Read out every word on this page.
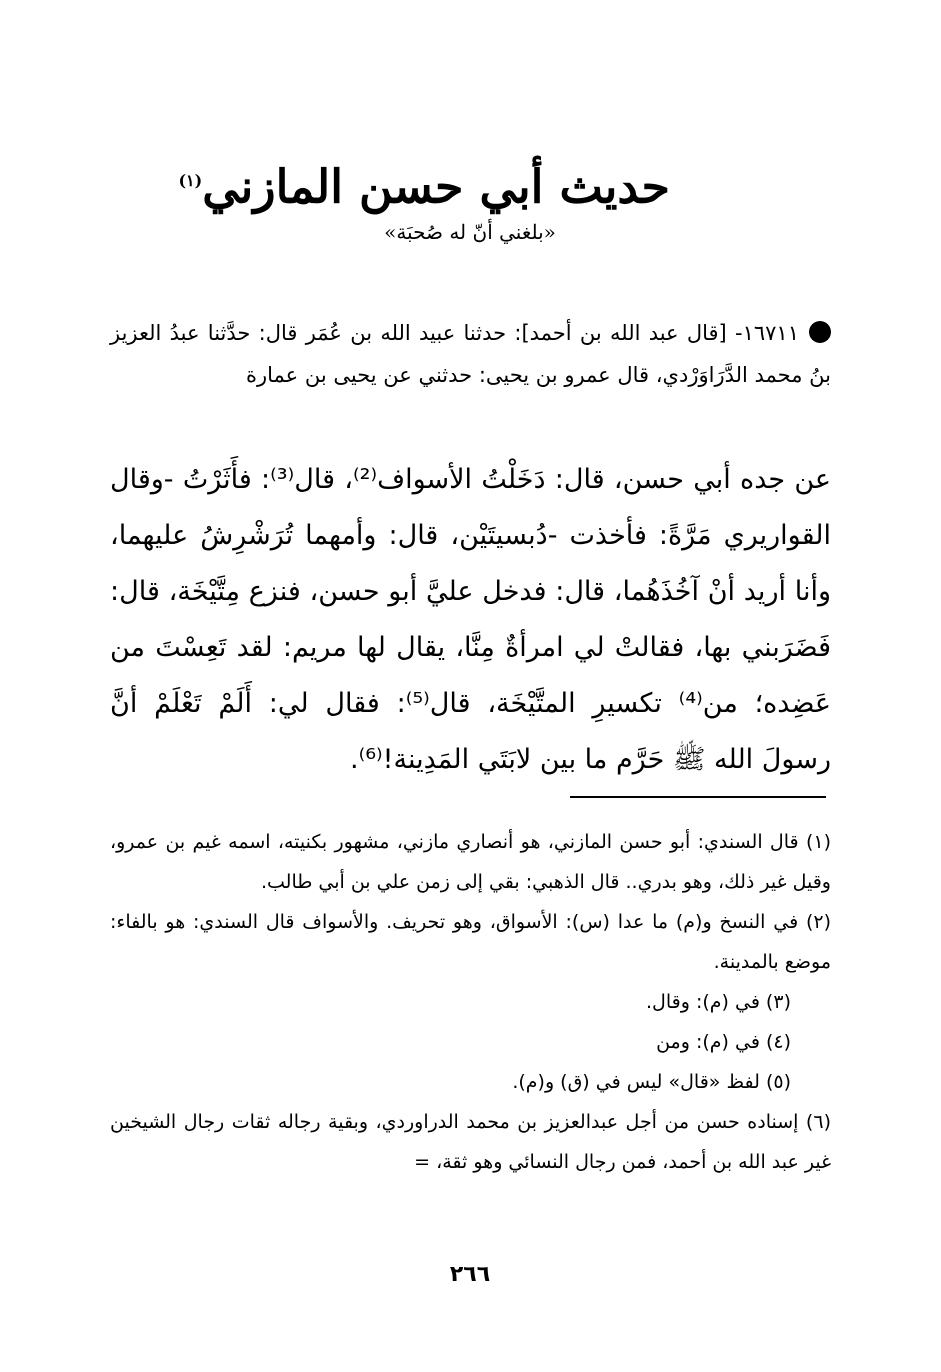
حديث أبي حسن المازني$^{(١)}$
«بلغني أنّ له صُحبَة»
١٦٧١١- [قال عبد الله بن أحمد]: حدثنا عبيد الله بن عُمَر قال: حدَّثنا عبدُ العزيز بنُ محمد الدَّرَاوَرْدي، قال عمرو بن يحيى: حدثني عن يحيى بن عمارة
عن جده أبي حسن، قال: دَخَلْتُ الأسواف⁽²⁾، قال⁽³⁾: فأَثَرْتُ -وقال القواريري مَرَّةً: فأخذت -دُبسيتَيْن، قال: وأمهما تُرَشْرِشُ عليهما، وأنا أريد أنْ آخُذَهُما، قال: فدخل عليَّ أبو حسن، فنزع مِتَّيْخَة، قال: فَضَرَبني بها، فقالتْ لي امرأةٌ مِنَّا، يقال لها مريم: لقد تَعِسْتَ من عَضِده؛ من⁽⁴⁾ تكسيرِ المتَّيْخَة، قال⁽⁵⁾: فقال لي: أَلَمْ تَعْلَمْ أنَّ رسولَ الله ﷺ حَرَّم ما بين لابَتَي المَدِينة!⁽⁶⁾.

(١) قال السندي: أبو حسن المازني، هو أنصاري مازني، مشهور بكنيته، اسمه غيم بن عمرو، وقيل غير ذلك، وهو بدري.. قال الذهبي: بقي إلى زمن علي بن أبي طالب.

(٢) في النسخ و(م) ما عدا (س): الأسواق، وهو تحريف. والأسواف قال السندي: هو بالفاء: موضع بالمدينة.

(٣) في (م): وقال.

(٤) في (م): ومن

(٥) لفظ «قال» ليس في (ق) و(م).

(٦) إسناده حسن من أجل عبدالعزيز بن محمد الدراوردي، وبقية رجاله ثقات رجال الشيخين غير عبد الله بن أحمد، فمن رجال النسائي وهو ثقة، =

٢٦٦
